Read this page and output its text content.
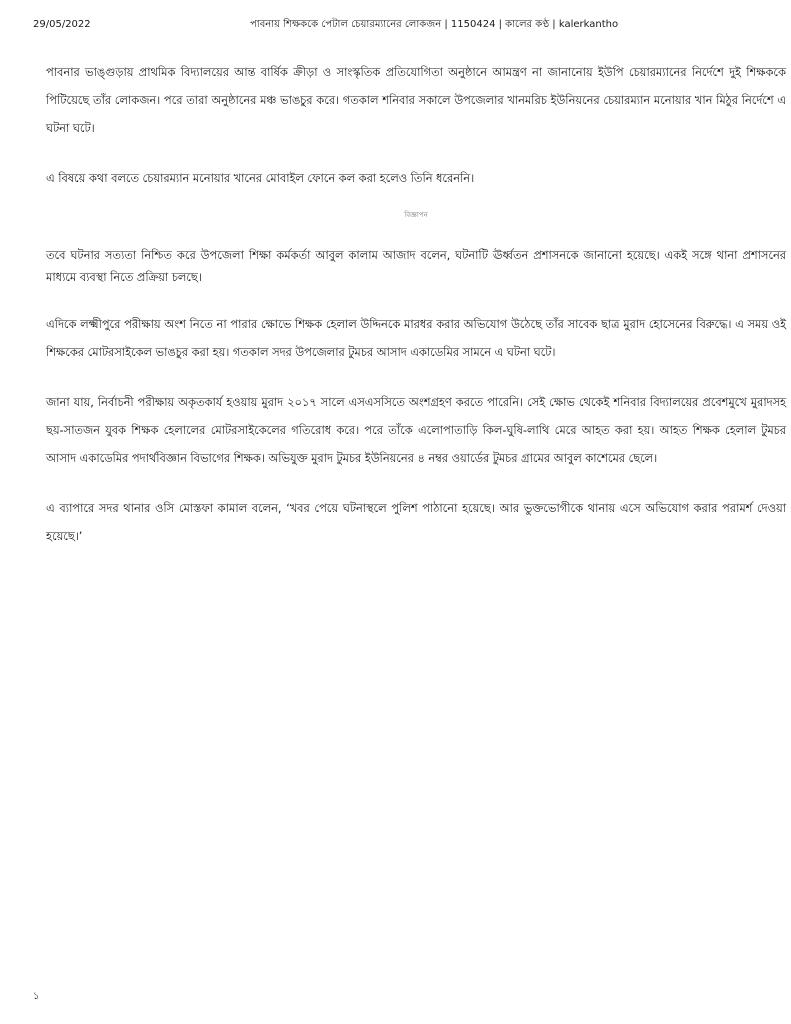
29/05/2022	পাবনায় শিক্ষককে পেটাল চেয়ারম্যানের লোকজন | 1150424 | কালের কণ্ঠ | kalerkantho

পাবনার ভাঙ্গুড়ায় প্রাথমিক বিদ্যালয়ের আন্ত বার্ষিক ক্রীড়া ও সাংস্কৃতিক প্রতিযোগিতা অনুষ্ঠানে আমন্ত্রণ না জানানোয় ইউপি চেয়ারম্যানের নির্দেশে দুই শিক্ষককে পিটিয়েছে তাঁর লোকজন। পরে তারা অনুষ্ঠানের মঞ্চ ভাঙচুর করে। গতকাল শনিবার সকালে উপজেলার খানমরিচ ইউনিয়নের চেয়ারম্যান মনোয়ার খান মিঠুর নির্দেশে এ ঘটনা ঘটে।

এ বিষয়ে কথা বলতে চেয়ারম্যান মনোয়ার খানের মোবাইল ফোনে কল করা হলেও তিনি ধরেননি।

বিজ্ঞাপন

তবে ঘটনার সত্যতা নিশ্চিত করে উপজেলা শিক্ষা কর্মকর্তা আবুল কালাম আজাদ বলেন, ঘটনাটি ঊর্ধ্বতন প্রশাসনকে জানানো হয়েছে। একই সঙ্গে থানা প্রশাসনের মাধ্যমে ব্যবস্থা নিতে প্রক্রিয়া চলছে।

এদিকে লক্ষ্মীপুরে পরীক্ষায় অংশ নিতে না পারার ক্ষোভে শিক্ষক হেলাল উদ্দিনকে মারধর করার অভিযোগ উঠেছে তাঁর সাবেক ছাত্র মুরাদ হোসেনের বিরুদ্ধে। এ সময় ওই শিক্ষকের মোটরসাইকেল ভাঙচুর করা হয়। গতকাল সদর উপজেলার টুমচর আসাদ একাডেমির সামনে এ ঘটনা ঘটে।

জানা যায়, নির্বাচনী পরীক্ষায় অকৃতকার্য হওয়ায় মুরাদ ২০১৭ সালে এসএসসিতে অংশগ্রহণ করতে পারেনি। সেই ক্ষোভ থেকেই শনিবার বিদ্যালয়ের প্রবেশমুখে মুরাদসহ ছয়-সাতজন যুবক শিক্ষক হেলালের মোটরসাইকেলের গতিরোধ করে। পরে তাঁকে এলোপাতাড়ি কিল-ঘুষি-লাথি মেরে আহত করা হয়। আহত শিক্ষক হেলাল টুমচর আসাদ একাডেমির পদার্থবিজ্ঞান বিভাগের শিক্ষক। অভিযুক্ত মুরাদ টুমচর ইউনিয়নের ৪ নম্বর ওয়ার্ডের টুমচর গ্রামের আবুল কাশেমের ছেলে।

এ ব্যাপারে সদর থানার ওসি মোস্তফা কামাল বলেন, ‘খবর পেয়ে ঘটনাস্থলে পুলিশ পাঠানো হয়েছে। আর ভুক্তভোগীকে থানায় এসে অভিযোগ করার পরামর্শ দেওয়া হয়েছে।’

১
